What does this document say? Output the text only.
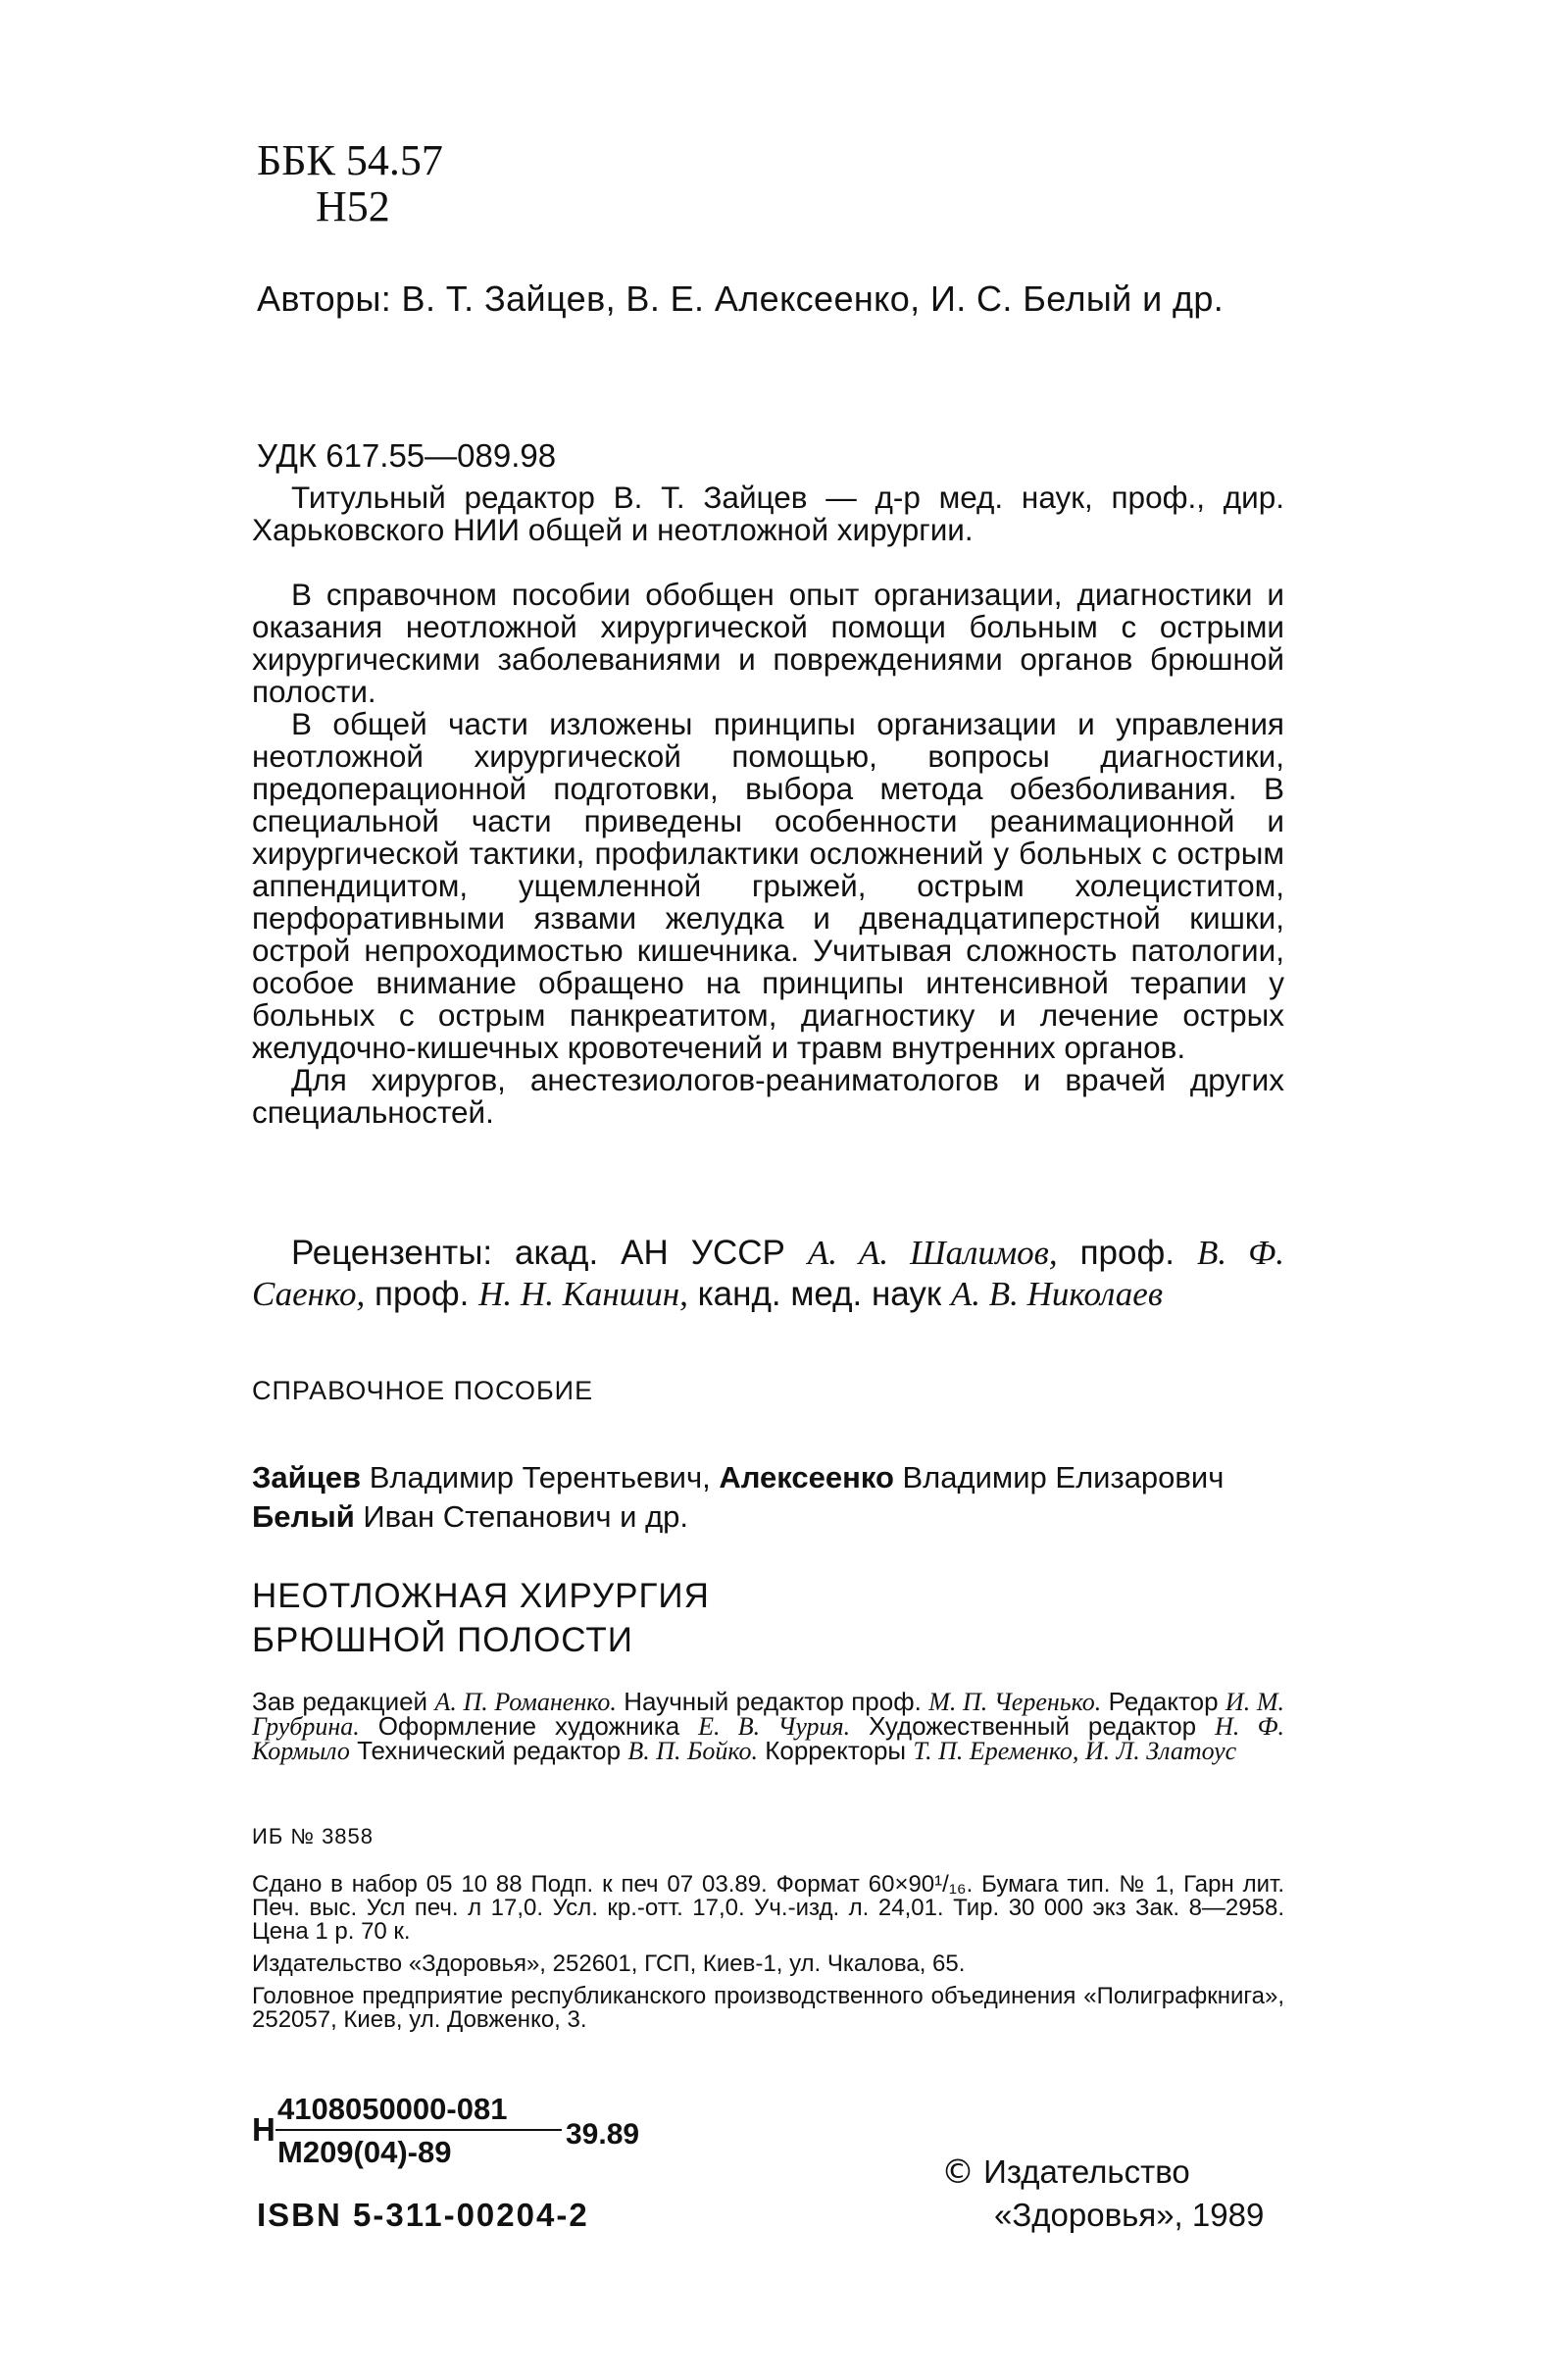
ББК 54.57
Н52
Авторы: В. Т. Зайцев, В. Е. Алексеенко, И. С. Белый и др.
УДК 617.55—089.98

Титульный редактор В. Т. Зайцев — д-р мед. наук, проф., дир. Харьковского НИИ общей и неотложной хирургии.

В справочном пособии обобщен опыт организации, диагностики и оказания неотложной хирургической помощи больным с острыми хирургическими заболеваниями и повреждениями органов брюшной полости.

В общей части изложены принципы организации и управления неотложной хирургической помощью, вопросы диагностики, предоперационной подготовки, выбора метода обезболивания. В специальной части приведены особенности реанимационной и хирургической тактики, профилактики осложнений у больных с острым аппендицитом, ущемленной грыжей, острым холециститом, перфоративными язвами желудка и двенадцатиперстной кишки, острой непроходимостью кишечника. Учитывая сложность патологии, особое внимание обращено на принципы интенсивной терапии у больных с острым панкреатитом, диагностику и лечение острых желудочно-кишечных кровотечений и травм внутренних органов.

Для хирургов, анестезиологов-реаниматологов и врачей других специальностей.

Рецензенты: акад. АН УССР А. А. Шалимов, проф. В. Ф. Саенко, проф. Н. Н. Каншин, канд. мед. наук А. В. Николаев

СПРАВОЧНОЕ ПОСОБИЕ
Зайцев Владимир Терентьевич, Алексеенко Владимир Елизарович
Белый Иван Степанович и др.
НЕОТЛОЖНАЯ ХИРУРГИЯ
БРЮШНОЙ ПОЛОСТИ

Зав редакцией А. П. Романенко. Научный редактор проф. М. П. Черенько. Редактор И. М. Грубрина. Оформление художника Е. В. Чурия. Художественный редактор Н. Ф. Кормыло Технический редактор В. П. Бойко. Корректоры Т. П. Еременко, И. Л. Златоус

ИБ № 3858
Сдано в набор 05 10 88 Подп. к печ 07 03.89. Формат 60×90¹/₁₆. Бумага тип. № 1, Гарн лит. Печ. выс. Усл печ. л 17,0. Усл. кр.-отт. 17,0. Уч.-изд. л. 24,01. Тир. 30 000 экз Зак. 8—2958. Цена 1 р. 70 к.
Издательство «Здоровья», 252601, ГСП, Киев-1, ул. Чкалова, 65.
Головное предприятие республиканского производственного объединения «Полиграфкнига», 252057, Киев, ул. Довженко, 3.
Н
4108050000-081
М209(04)-89
39.89
ISBN 5-311-00204-2
© Издательство
«Здоровья», 1989
